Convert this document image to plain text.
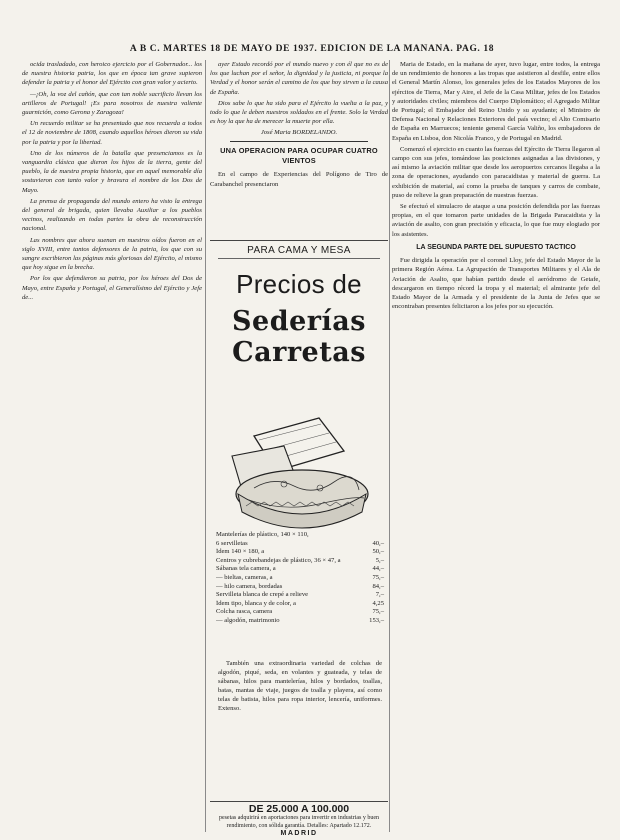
A B C. MARTES 18 DE MAYO DE 1937. EDICION DE LA MAÑANA. PAG. 18

ocida trasladado, con heroico ejercicio por el Gobernador... los de nuestra historia patria, los que en época tan grave supieron defender la patria y el honor del Ejército con gran valor y acierto.

—¡Oh, la voz del cañón, que con tan noble sacrificio llevan los artilleros de Portugal! ¡Es para nosotros de nuestra valiente guarnición, como Gerona y Zaragoza!

Un recuerdo militar se ha presentado que nos recuerda a todos el 12 de noviembre de 1808, cuando aquellos héroes dieron su vida por la patria y por la libertad.

Uno de los números de la batalla que presenciamos es la vanguardia clásica que dieron los hijos de la tierra, gente del pueblo, la de nuestra propia historia, que en aquel memorable día sostuvieron con tanto valor y bravura el nombre de los Dos de Mayo.

La prensa de propaganda del mundo entero ha visto la entrega del general de brigada, quien llevaba Auxiliar a los pueblos vecinos, realizando en todas partes la obra de reconstrucción nacional.

Las nombres que ahora suenan en nuestros oídos fueron en el siglo XVIII, entre tantos defensores de la patria, los que con su sangre escribieron las páginas más gloriosas del Ejército, el mismo que hoy sigue en la brecha.

Por los que defendieron su patria, por los héroes del Dos de Mayo, entre España y Portugal, el Generalísimo del Ejército y Jefe de...

ayer Estado recordó por el mundo nuevo y con él que no es de los que luchan por el señor, la dignidad y la justicia, ni porque la Verdad y el honor serán el camino de los que hoy sirven a la causa de España.

Dios sabe lo que ha sido para el Ejército la vuelta a la paz, y todo lo que le deben nuestros soldados en el frente. Solo la Verdad es hoy la que ha de merecer la muerte por ella.

José Maria BORDELANDO.
UNA OPERACION PARA OCUPAR CUATRO VIENTOS

En el campo de Experiencias del Polígono de Tiro de Carabanchel presenciaron

PARA CAMA Y MESA
Precios de
Sederías
Carretas
Mantelerías de plástico, 140 × 110,
6 servilletas	40,–
Ídem 140 × 180, a	50,–
Centros y cubrebandejas de plástico, 36 × 47, a	5,–
Sábanas tela camera, a	44,–
— bieltas, cameras, a	75,–
— hilo camera, bordadas	84,–
Servilleta blanca de crepé a relieve	7,–
Ídem tipo, blanca y de color, a	4,25
Colcha rasca, camera	75,–
— algodón, matrimonio	153,–
También una extraordinaria variedad de colchas de algodón, piqué, seda, en volantes y guateada, y telas de sábanas, hilos para mantelerías, hilos y bordados, toallas, batas, mantas de viaje, juegos de toalla y playera, así como telas de batista, hilos para ropa interior, lencería, uniformes. Extenso.
DE 25.000 A 100.000
pesetas adquirirá en aportaciones para invertir en industrias y buen rendimiento, con sólida garantía. Detalles: Apartado 12.172.
MADRID

Maria de Estado, en la mañana de ayer, tuvo lugar, entre todos, la entrega de un rendimiento de honores a las tropas que asistieron al desfile, entre ellos el General Martín Alonso, los generales jefes de los Estados Mayores de los ejércitos de Tierra, Mar y Aire, el Jefe de la Casa Militar, jefes de los Estados y autoridades civiles; miembros del Cuerpo Diplomático; el Agregado Militar de Portugal; el Embajador del Reino Unido y su ayudante; el Ministro de Defensa Nacional y Relaciones Exteriores del país vecino; el Alto Comisario de España en Marruecos; teniente general García Valiño, los embajadores de España en Lisboa, don Nicolás Franco, y de Portugal en Madrid.

Comenzó el ejercicio en cuanto las fuerzas del Ejército de Tierra llegaron al campo con sus jefes, tomándose las posiciones asignadas a las divisiones, y así mismo la aviación militar que desde los aeropuertos cercanos llegaba a la zona de operaciones, ayudando con paracaidistas y material de guerra. La exhibición de material, así como la prueba de tanques y carros de combate, puso de relieve la gran preparación de nuestras fuerzas.

Se efectuó el simulacro de ataque a una posición defendida por las fuerzas propias, en el que tomaron parte unidades de la Brigada Paracaidista y la aviación de asalto, con gran precisión y eficacia, lo que fue muy elogiado por los asistentes.

LA SEGUNDA PARTE DEL SUPUESTO TACTICO

Fue dirigida la operación por el coronel Lloy, jefe del Estado Mayor de la primera Región Aérea. La Agrupación de Transportes Militares y el Ala de Aviación de Asalto, que habían partido desde el aeródromo de Getafe, descargaron en tiempo récord la tropa y el material; el almirante jefe del Estado Mayor de la Armada y el presidente de la Junta de Jefes que se encontraban presentes felicitaron a los jefes por su ejecución.
